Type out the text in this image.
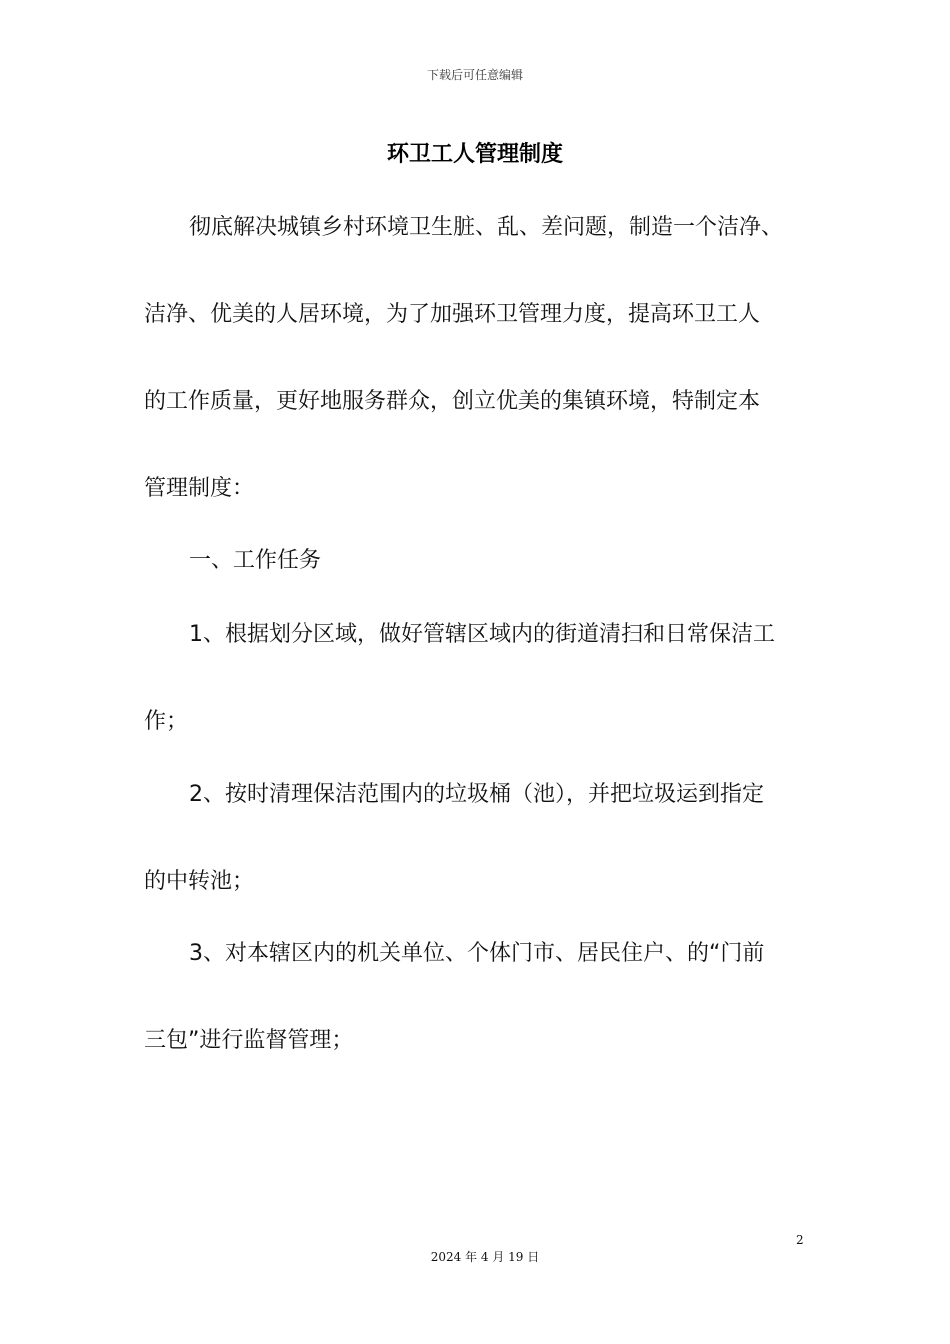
下载后可任意编辑
环卫工人管理制度
彻底解决城镇乡村环境卫生脏、乱、差问题，制造一个洁净、
洁净、优美的人居环境，为了加强环卫管理力度，提高环卫工人
的工作质量，更好地服务群众，创立优美的集镇环境，特制定本
管理制度：
一、工作任务
1、根据划分区域，做好管辖区域内的街道清扫和日常保洁工
作；
2、按时清理保洁范围内的垃圾桶（池），并把垃圾运到指定
的中转池；
3、对本辖区内的机关单位、个体门市、居民住户、的“门前
三包”进行监督管理；
2
2024 年 4 月 19 日
